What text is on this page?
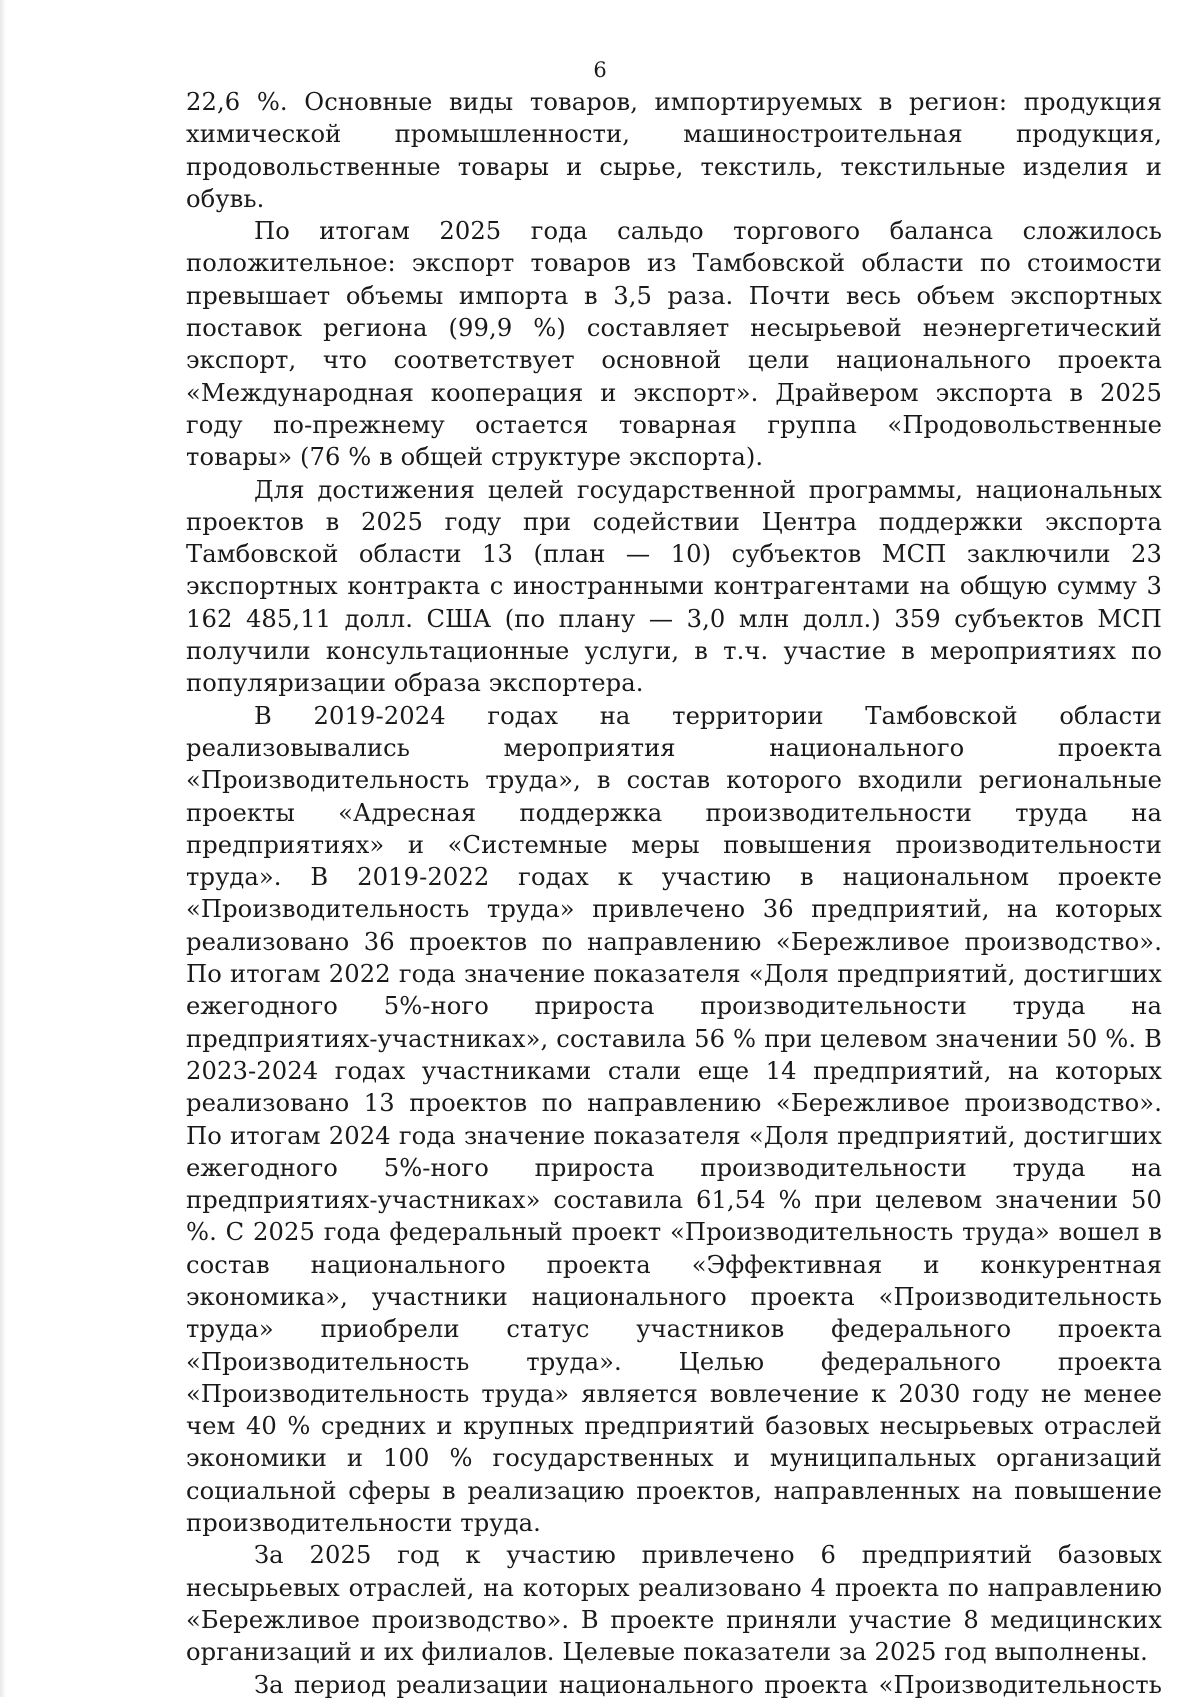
6

22,6 %. Основные виды товаров, импортируемых в регион: продукция химической промышленности, машиностроительная продукция, продовольственные товары и сырье, текстиль, текстильные изделия и обувь.

По итогам 2025 года сальдо торгового баланса сложилось положительное: экспорт товаров из Тамбовской области по стоимости превышает объемы импорта в 3,5 раза. Почти весь объем экспортных поставок региона (99,9 %) составляет несырьевой неэнергетический экспорт, что соответствует основной цели национального проекта «Международная кооперация и экспорт». Драйвером экспорта в 2025 году по-прежнему остается товарная группа «Продовольственные товары» (76 % в общей структуре экспорта).

Для достижения целей государственной программы, национальных проектов в 2025 году при содействии Центра поддержки экспорта Тамбовской области 13 (план — 10) субъектов МСП заключили 23 экспортных контракта с иностранными контрагентами на общую сумму 3 162 485,11 долл. США (по плану — 3,0 млн долл.) 359 субъектов МСП получили консультационные услуги, в т.ч. участие в мероприятиях по популяризации образа экспортера.

В 2019-2024 годах на территории Тамбовской области реализовывались мероприятия национального проекта «Производительность труда», в состав которого входили региональные проекты «Адресная поддержка производительности труда на предприятиях» и «Системные меры повышения производительности труда». В 2019-2022 годах к участию в национальном проекте «Производительность труда» привлечено 36 предприятий, на которых реализовано 36 проектов по направлению «Бережливое производство». По итогам 2022 года значение показателя «Доля предприятий, достигших ежегодного 5%-ного прироста производительности труда на предприятиях-участниках», составила 56 % при целевом значении 50 %. В 2023-2024 годах участниками стали еще 14 предприятий, на которых реализовано 13 проектов по направлению «Бережливое производство». По итогам 2024 года значение показателя «Доля предприятий, достигших ежегодного 5%-ного прироста производительности труда на предприятиях-участниках» составила 61,54 % при целевом значении 50 %. С 2025 года федеральный проект «Производительность труда» вошел в состав национального проекта «Эффективная и конкурентная экономика», участники национального проекта «Производительность труда» приобрели статус участников федерального проекта «Производительность труда». Целью федерального проекта «Производительность труда» является вовлечение к 2030 году не менее чем 40 % средних и крупных предприятий базовых несырьевых отраслей экономики и 100 % государственных и муниципальных организаций социальной сферы в реализацию проектов, направленных на повышение производительности труда.

За 2025 год к участию привлечено 6 предприятий базовых несырьевых отраслей, на которых реализовано 4 проекта по направлению «Бережливое производство». В проекте приняли участие 8 медицинских организаций и их филиалов. Целевые показатели за 2025 год выполнены.

За период реализации национального проекта «Производительность
